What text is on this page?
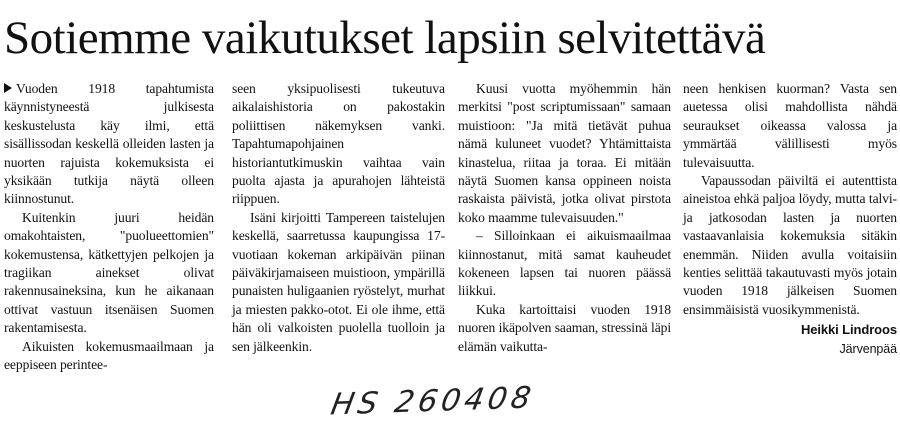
Sotiemme vaikutukset lapsiin selvitettävä

Vuoden 1918 tapahtumista käynnistyneestä julkisesta keskustelusta käy ilmi, että sisällissodan keskellä olleiden lasten ja nuorten rajuista kokemuksista ei yksikään tutkija näytä olleen kiinnostunut.

Kuitenkin juuri heidän omakohtaisten, "puolueettomien" kokemustensa, kätkettyjen pelkojen ja tragiikan ainekset olivat rakennusaineksina, kun he aikanaan ottivat vastuun itsenäisen Suomen rakentamisesta.

Aikuisten kokemusmaailmaan ja eeppiseen perintee-

seen yksipuolisesti tukeutuva aikalaishistoria on pakostakin poliittisen näkemyksen vanki. Tapahtumapohjainen historiantutkimuskin vaihtaa vain puolta ajasta ja apurahojen lähteistä riippuen.

Isäni kirjoitti Tampereen taistelujen keskellä, saarretussa kaupungissa 17-vuotiaan kokeman arkipäivän piinan päiväkirjamaiseen muistioon, ympärillä punaisten huligaanien ryöstelyt, murhat ja miesten pakko-otot. Ei ole ihme, että hän oli valkoisten puolella tuolloin ja sen jälkeenkin.

Kuusi vuotta myöhemmin hän merkitsi "post scriptumissaan" samaan muistioon: "Ja mitä tietävät puhua nämä kuluneet vuodet? Yhtämittaista kinastelua, riitaa ja toraa. Ei mitään näytä Suomen kansa oppineen noista raskaista päivistä, jotka olivat pirstota koko maamme tulevaisuuden."

– Silloinkaan ei aikuismaailmaa kiinnostanut, mitä samat kauheudet kokeneen lapsen tai nuoren päässä liikkui.

Kuka kartoittaisi vuoden 1918 nuoren ikäpolven saaman, stressinä läpi elämän vaikutta-

neen henkisen kuorman? Vasta sen auetessa olisi mahdollista nähdä seuraukset oikeassa valossa ja ymmärtää välillisesti myös tulevaisuutta.

Vapaussodan päiviltä ei autenttista aineistoa ehkä paljoa löydy, mutta talvi- ja jatkosodan lasten ja nuorten vastaavanlaisia kokemuksia sitäkin enemmän. Niiden avulla voitaisiin kenties selittää takautuvasti myös jotain vuoden 1918 jälkeisen Suomen ensimmäisistä vuosikymmenistä.

Heikki Lindroos
Järvenpää
HS 260408
